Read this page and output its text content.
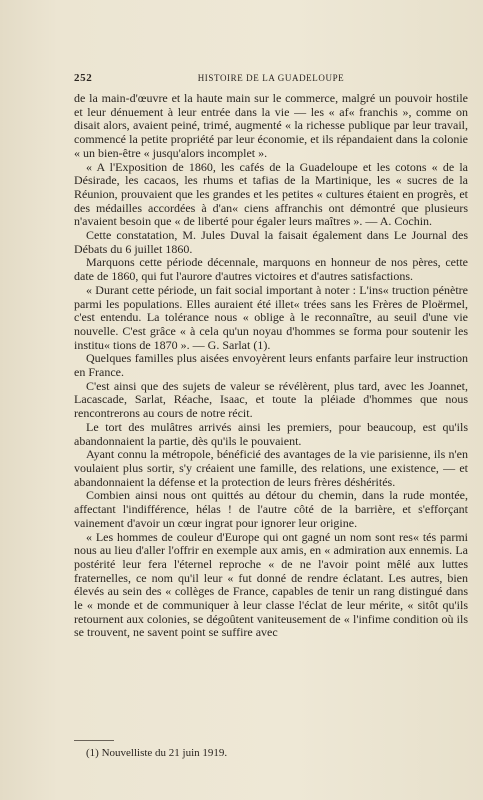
252	HISTOIRE DE LA GUADELOUPE

de la main-d'œuvre et la haute main sur le commerce, malgré un pouvoir hostile et leur dénuement à leur entrée dans la vie — les « af« franchis », comme on disait alors, avaient peiné, trimé, augmenté « la richesse publique par leur travail, commencé la petite propriété par leur économie, et ils répandaient dans la colonie « un bien-être « jusqu'alors incomplet ».

« A l'Exposition de 1860, les cafés de la Guadeloupe et les cotons « de la Désirade, les cacaos, les rhums et tafias de la Martinique, les « sucres de la Réunion, prouvaient que les grandes et les petites « cultures étaient en progrès, et des médailles accordées à d'an« ciens affranchis ont démontré que plusieurs n'avaient besoin que « de liberté pour égaler leurs maîtres ». — A. Cochin.

Cette constatation, M. Jules Duval la faisait également dans Le Journal des Débats du 6 juillet 1860.

Marquons cette période décennale, marquons en honneur de nos pères, cette date de 1860, qui fut l'aurore d'autres victoires et d'autres satisfactions.

« Durant cette période, un fait social important à noter : L'ins« truction pénètre parmi les populations. Elles auraient été illet« trées sans les Frères de Ploërmel, c'est entendu. La tolérance nous « oblige à le reconnaître, au seuil d'une vie nouvelle. C'est grâce « à cela qu'un noyau d'hommes se forma pour soutenir les institu« tions de 1870 ». — G. Sarlat (1).

Quelques familles plus aisées envoyèrent leurs enfants parfaire leur instruction en France.

C'est ainsi que des sujets de valeur se révélèrent, plus tard, avec les Joannet, Lacascade, Sarlat, Réache, Isaac, et toute la pléiade d'hommes que nous rencontrerons au cours de notre récit.

Le tort des mulâtres arrivés ainsi les premiers, pour beaucoup, est qu'ils abandonnaient la partie, dès qu'ils le pouvaient.

Ayant connu la métropole, bénéficié des avantages de la vie parisienne, ils n'en voulaient plus sortir, s'y créaient une famille, des relations, une existence, — et abandonnaient la défense et la protection de leurs frères déshérités.

Combien ainsi nous ont quittés au détour du chemin, dans la rude montée, affectant l'indifférence, hélas ! de l'autre côté de la barrière, et s'efforçant vainement d'avoir un cœur ingrat pour ignorer leur origine.

« Les hommes de couleur d'Europe qui ont gagné un nom sont res« tés parmi nous au lieu d'aller l'offrir en exemple aux amis, en « admiration aux ennemis. La postérité leur fera l'éternel reproche « de ne l'avoir point mêlé aux luttes fraternelles, ce nom qu'il leur « fut donné de rendre éclatant. Les autres, bien élevés au sein des « collèges de France, capables de tenir un rang distingué dans le « monde et de communiquer à leur classe l'éclat de leur mérite, « sitôt qu'ils retournent aux colonies, se dégoûtent vaniteusement de « l'infime condition où ils se trouvent, ne savent point se suffire avec

(1) Nouvelliste du 21 juin 1919.
